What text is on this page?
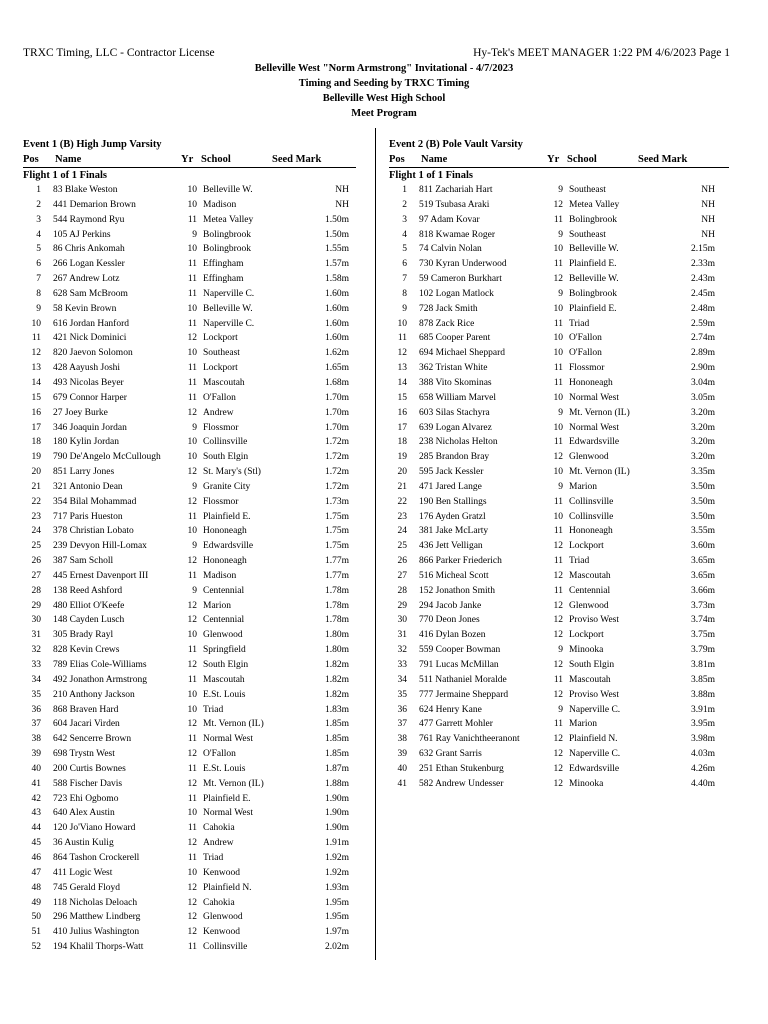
TRXC Timing, LLC - Contractor License	Hy-Tek's MEET MANAGER 1:22 PM 4/6/2023 Page 1
Belleville West "Norm Armstrong" Invitational - 4/7/2023
Timing and Seeding by TRXC Timing
Belleville West High School
Meet Program
Event 1 (B) High Jump Varsity
Pos Name	Yr School	Seed Mark
Flight 1 of 1 Finals
1 83 Blake Weston	10 Belleville W.	NH
2 441 Demarion Brown	10 Madison	NH
3 544 Raymond Ryu	11 Metea Valley	1.50m
4 105 AJ Perkins	9 Bolingbrook	1.50m
5 86 Chris Ankomah	10 Bolingbrook	1.55m
6 266 Logan Kessler	11 Effingham	1.57m
7 267 Andrew Lotz	11 Effingham	1.58m
8 628 Sam McBroom	11 Naperville C.	1.60m
9 58 Kevin Brown	10 Belleville W.	1.60m
10 616 Jordan Hanford	11 Naperville C.	1.60m
11 421 Nick Dominici	12 Lockport	1.60m
12 820 Jaevon Solomon	10 Southeast	1.62m
13 428 Aayush Joshi	11 Lockport	1.65m
14 493 Nicolas Beyer	11 Mascoutah	1.68m
15 679 Connor Harper	11 O'Fallon	1.70m
16 27 Joey Burke	12 Andrew	1.70m
17 346 Joaquin Jordan	9 Flossmor	1.70m
18 180 Kylin Jordan	10 Collinsville	1.72m
19 790 De'Angelo McCullough	10 South Elgin	1.72m
20 851 Larry Jones	12 St. Mary's (Stl)	1.72m
21 321 Antonio Dean	9 Granite City	1.72m
22 354 Bilal Mohammad	12 Flossmor	1.73m
23 717 Paris Hueston	11 Plainfield E.	1.75m
24 378 Christian Lobato	10 Hononeagh	1.75m
25 239 Devyon Hill-Lomax	9 Edwardsville	1.75m
26 387 Sam Scholl	12 Hononeagh	1.77m
27 445 Ernest Davenport III	11 Madison	1.77m
28 138 Reed Ashford	9 Centennial	1.78m
29 480 Elliot O'Keefe	12 Marion	1.78m
30 148 Cayden Lusch	12 Centennial	1.78m
31 305 Brady Rayl	10 Glenwood	1.80m
32 828 Kevin Crews	11 Springfield	1.80m
33 789 Elias Cole-Williams	12 South Elgin	1.82m
34 492 Jonathon Armstrong	11 Mascoutah	1.82m
35 210 Anthony Jackson	10 E.St. Louis	1.82m
36 868 Braven Hard	10 Triad	1.83m
37 604 Jacari Virden	12 Mt. Vernon (IL)	1.85m
38 642 Sencerre Brown	11 Normal West	1.85m
39 698 Trystn West	12 O'Fallon	1.85m
40 200 Curtis Bownes	11 E.St. Louis	1.87m
41 588 Fischer Davis	12 Mt. Vernon (IL)	1.88m
42 723 Ehi Ogbomo	11 Plainfield E.	1.90m
43 640 Alex Austin	10 Normal West	1.90m
44 120 Jo'Viano Howard	11 Cahokia	1.90m
45 36 Austin Kulig	12 Andrew	1.91m
46 864 Tashon Crockerell	11 Triad	1.92m
47 411 Logic West	10 Kenwood	1.92m
48 745 Gerald Floyd	12 Plainfield N.	1.93m
49 118 Nicholas Deloach	12 Cahokia	1.95m
50 296 Matthew Lindberg	12 Glenwood	1.95m
51 410 Julius Washington	12 Kenwood	1.97m
52 194 Khalil Thorps-Watt	11 Collinsville	2.02m
Event 2 (B) Pole Vault Varsity
Pos Name	Yr School	Seed Mark
Flight 1 of 1 Finals
1 811 Zachariah Hart	9 Southeast	NH
2 519 Tsubasa Araki	12 Metea Valley	NH
3 97 Adam Kovar	11 Bolingbrook	NH
4 818 Kwamae Roger	9 Southeast	NH
5 74 Calvin Nolan	10 Belleville W.	2.15m
6 730 Kyran Underwood	11 Plainfield E.	2.33m
7 59 Cameron Burkhart	12 Belleville W.	2.43m
8 102 Logan Matlock	9 Bolingbrook	2.45m
9 728 Jack Smith	10 Plainfield E.	2.48m
10 878 Zack Rice	11 Triad	2.59m
11 685 Cooper Parent	10 O'Fallon	2.74m
12 694 Michael Sheppard	10 O'Fallon	2.89m
13 362 Tristan White	11 Flossmor	2.90m
14 388 Vito Skominas	11 Hononeagh	3.04m
15 658 William Marvel	10 Normal West	3.05m
16 603 Silas Stachyra	9 Mt. Vernon (IL)	3.20m
17 639 Logan Alvarez	10 Normal West	3.20m
18 238 Nicholas Helton	11 Edwardsville	3.20m
19 285 Brandon Bray	12 Glenwood	3.20m
20 595 Jack Kessler	10 Mt. Vernon (IL)	3.35m
21 471 Jared Lange	9 Marion	3.50m
22 190 Ben Stallings	11 Collinsville	3.50m
23 176 Ayden Gratzl	10 Collinsville	3.50m
24 381 Jake McLarty	11 Hononeagh	3.55m
25 436 Jett Velligan	12 Lockport	3.60m
26 866 Parker Friederich	11 Triad	3.65m
27 516 Micheal Scott	12 Mascoutah	3.65m
28 152 Jonathon Smith	11 Centennial	3.66m
29 294 Jacob Janke	12 Glenwood	3.73m
30 770 Deon Jones	12 Proviso West	3.74m
31 416 Dylan Bozen	12 Lockport	3.75m
32 559 Cooper Bowman	9 Minooka	3.79m
33 791 Lucas McMillan	12 South Elgin	3.81m
34 511 Nathaniel Moralde	11 Mascoutah	3.85m
35 777 Jermaine Sheppard	12 Proviso West	3.88m
36 624 Henry Kane	9 Naperville C.	3.91m
37 477 Garrett Mohler	11 Marion	3.95m
38 761 Ray Vanichtheeranont	12 Plainfield N.	3.98m
39 632 Grant Sarris	12 Naperville C.	4.03m
40 251 Ethan Stukenburg	12 Edwardsville	4.26m
41 582 Andrew Undesser	12 Minooka	4.40m
